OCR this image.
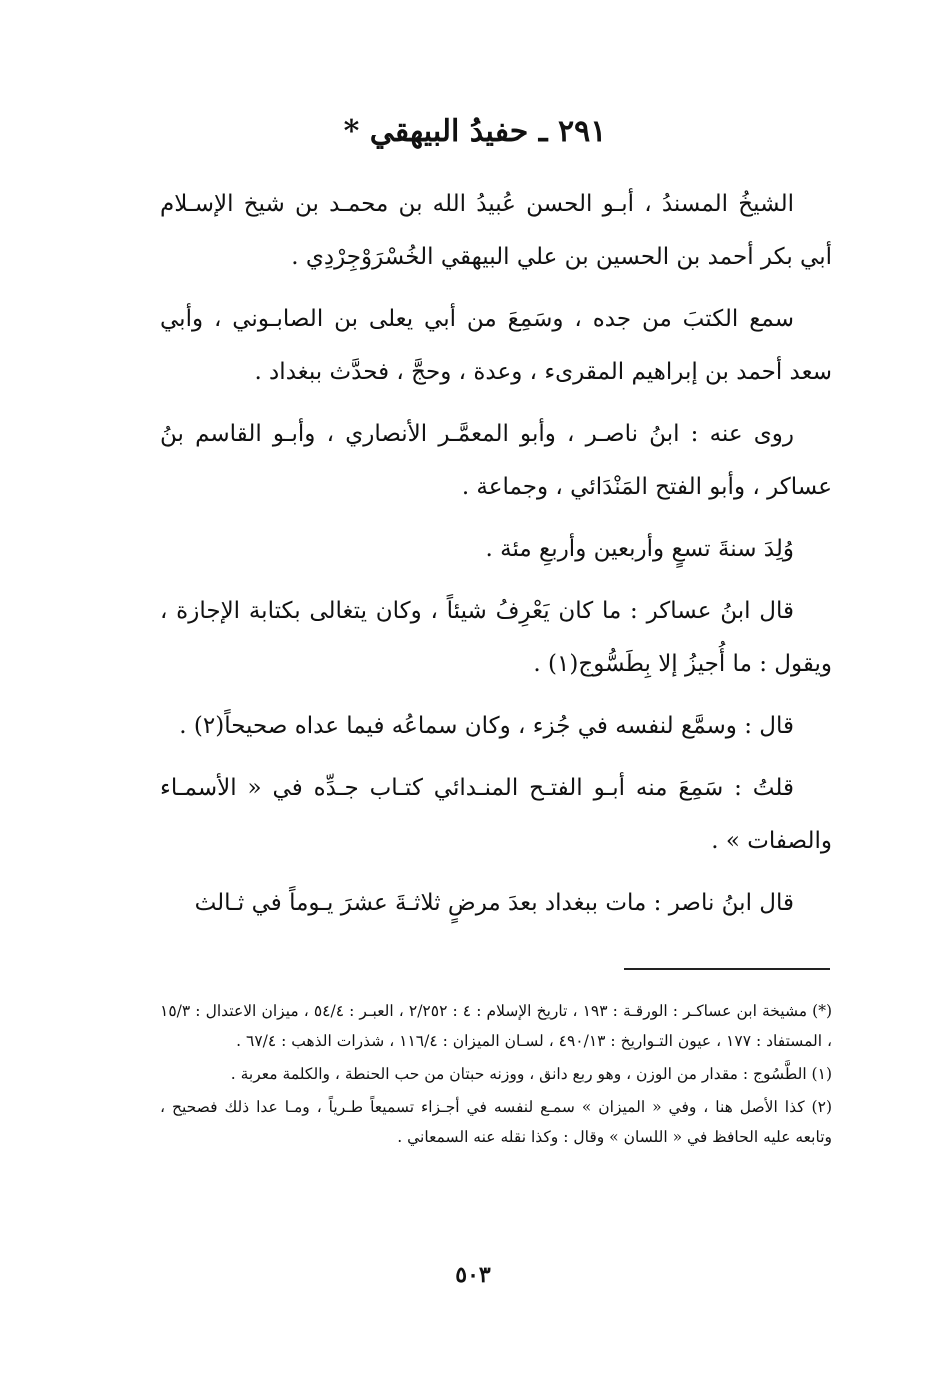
٢٩١ ـ حفيدُ البيهقي *

الشيخُ المسندُ ، أبـو الحسن عُبيدُ الله بن محمـد بن شيخ الإسـلام أبي بكر أحمد بن الحسين بن علي البيهقي الخُسْرَوْجِرْدِي .

سمع الكتبَ من جده ، وسَمِعَ من أبي يعلى بن الصابـوني ، وأبي سعد أحمد بن إبراهيم المقرىء ، وعدة ، وحجَّ ، فحدَّث ببغداد .

روى عنه : ابنُ ناصـر ، وأبو المعمَّـر الأنصاري ، وأبـو القاسم بنُ عساكر ، وأبو الفتح المَنْدَائي ، وجماعة .

وُلِدَ سنةَ تسعٍ وأربعين وأربعِ مئة .

قال ابنُ عساكر : ما كان يَعْرِفُ شيئاً ، وكان يتغالى بكتابة الإجازة ، ويقول : ما أُجيزُ إلا بِطَسُّوج(١) .

قال : وسمَّع لنفسه في جُزء ، وكان سماعُه فيما عداه صحيحاً(٢) .

قلتُ : سَمِعَ منه أبـو الفتـح المنـدائي كتـاب جـدِّه في « الأسمـاء والصفات » .

قال ابنُ ناصر : مات ببغداد بعدَ مرضٍ ثلاثـةَ عشرَ يـوماً في ثـالث

(*) مشيخة ابن عساكـر : الورقـة : ١٩٣ ، تاريخ الإسلام : ٤ : ٢/٢٥٢ ، العبـر : ٥٤/٤ ، ميزان الاعتدال : ١٥/٣ ، المستفاد : ١٧٧ ، عيون التـواريخ : ٤٩٠/١٣ ، لسـان الميزان : ١١٦/٤ ، شذرات الذهب : ٦٧/٤ .

(١) الطَّسُوج : مقدار من الوزن ، وهو ربع دانق ، ووزنه حبتان من حب الحنطة ، والكلمة معربة .

(٢) كذا الأصل هنا ، وفي « الميزان » سمـع لنفسه في أجـزاء تسميعاً طـرياً ، ومـا عدا ذلك فصحيح ، وتابعه عليه الحافظ في « اللسان » وقال : وكذا نقله عنه السمعاني .

٥٠٣
